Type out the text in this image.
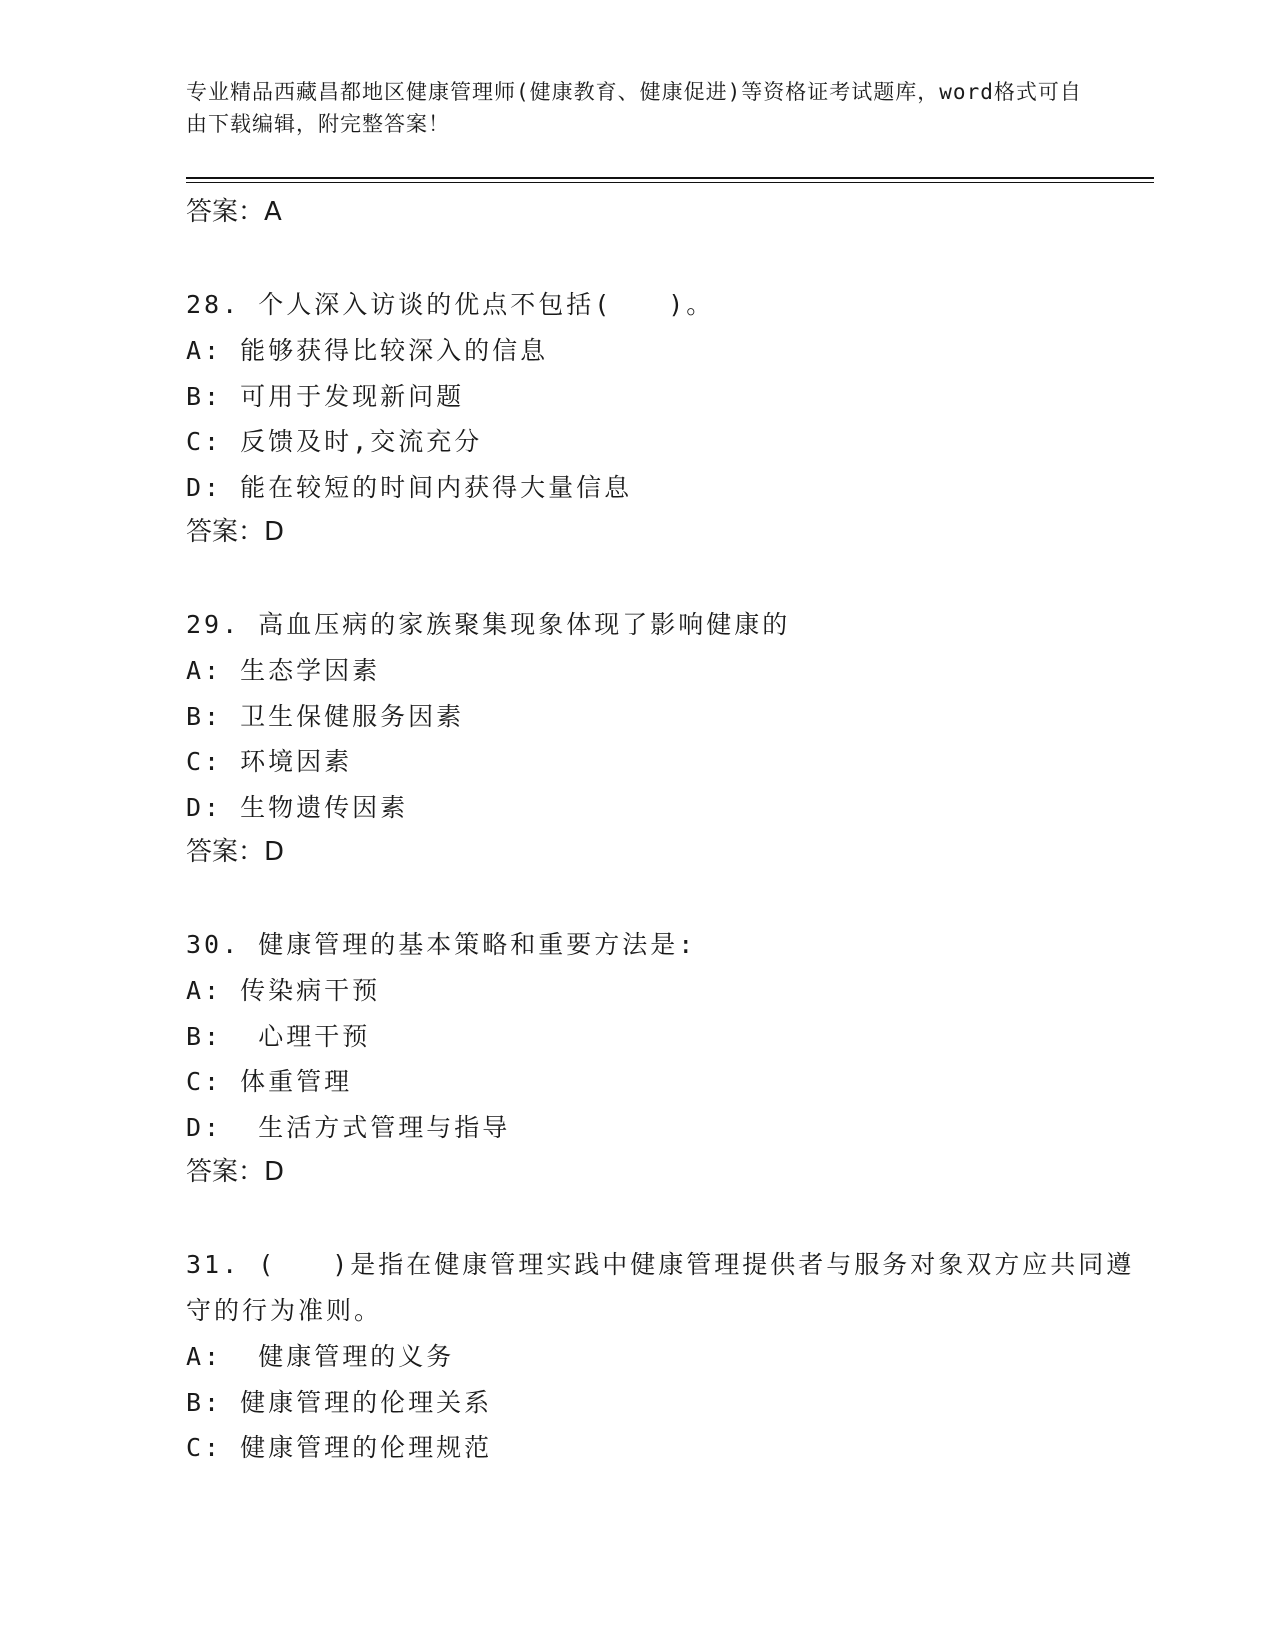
专业精品西藏昌都地区健康管理师(健康教育、健康促进)等资格证考试题库，word格式可自由下载编辑，附完整答案！

答案：A

28. 个人深入访谈的优点不包括(　　)。

A: 能够获得比较深入的信息

B: 可用于发现新问题

C: 反馈及时,交流充分

D: 能在较短的时间内获得大量信息

答案：D

29. 高血压病的家族聚集现象体现了影响健康的

A: 生态学因素

B: 卫生保健服务因素

C: 环境因素

D: 生物遗传因素

答案：D

30. 健康管理的基本策略和重要方法是:

A: 传染病干预

B:  心理干预

C: 体重管理

D:  生活方式管理与指导

答案：D

31. (　　)是指在健康管理实践中健康管理提供者与服务对象双方应共同遵守的行为准则。

A:  健康管理的义务

B: 健康管理的伦理关系

C: 健康管理的伦理规范
